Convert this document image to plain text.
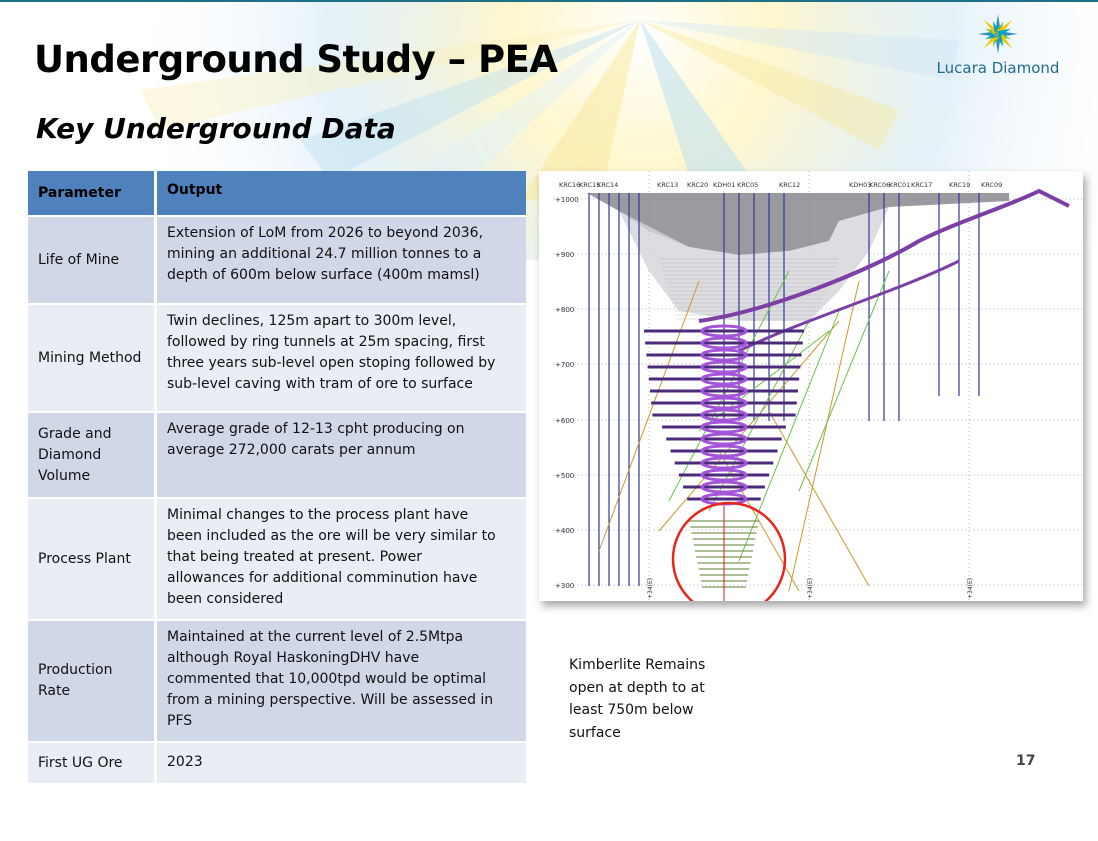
Underground Study – PEA
Key Underground Data
Lucara Diamond
Parameter	Output
Life of Mine	Extension of LoM from 2026 to beyond 2036,
mining an additional 24.7 million tonnes to a
depth of 600m below surface (400m mamsl)

Mining Method	Twin declines, 125m apart to 300m level,
followed by ring tunnels at 25m spacing, first
three years sub-level open stoping followed by
sub-level caving with tram of ore to surface

Grade and Diamond Volume	Average grade of 12-13 cpht producing on
average 272,000 carats per annum

Process Plant	Minimal changes to the process plant have
been included as the ore will be very similar to
that being treated at present. Power
allowances for additional comminution have
been considered

Production Rate	Maintained at the current level of 2.5Mtpa
although Royal HaskoningDHV have
commented that 10,000tpd would be optimal
from a mining perspective. Will be assessed in
PFS

First UG Ore	2023
+1000
+900
+800
+700
+600
+500
+400
+300
KRC16
KRC15
KRC14	KRC13 KRC20 KDH01 KRC05	KRC12	KDH03
KRC06
KRC01 KRC17	KRC19 KRC09
+34(E)	+34(E)	+34(E)
Kimberlite Remains
open at depth to at
least 750m below
surface
17
